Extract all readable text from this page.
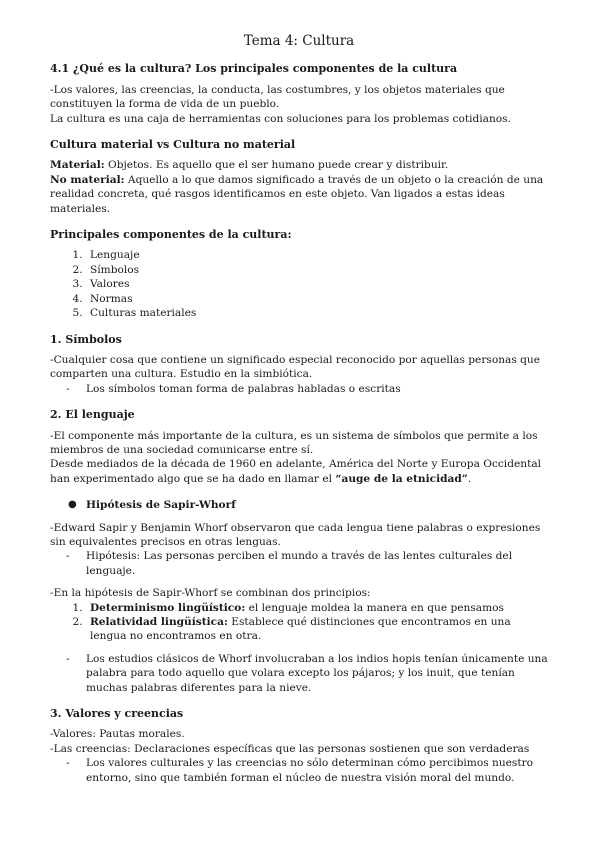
Tema 4: Cultura
4.1 ¿Qué es la cultura? Los principales componentes de la cultura

-Los valores, las creencias, la conducta, las costumbres, y los objetos materiales que constituyen la forma de vida de un pueblo.

La cultura es una caja de herramientas con soluciones para los problemas cotidianos.

Cultura material vs Cultura no material

Material: Objetos. Es aquello que el ser humano puede crear y distribuir.

No material: Aquello a lo que damos significado a través de un objeto o la creación de una realidad concreta, qué rasgos identificamos en este objeto. Van ligados a estas ideas materiales.

Principales componentes de la cultura:
1. Lenguaje
2. Símbolos
3. Valores
4. Normas
5. Culturas materiales
1. Símbolos

-Cualquier cosa que contiene un significado especial reconocido por aquellas personas que comparten una cultura. Estudio en la simbiótica.

- Los símbolos toman forma de palabras habladas o escritas
2. El lenguaje

-El componente más importante de la cultura, es un sistema de símbolos que permite a los miembros de una sociedad comunicarse entre sí.

Desde mediados de la década de 1960 en adelante, América del Norte y Europa Occidental han experimentado algo que se ha dado en llamar el “auge de la etnicidad”.

● Hipótesis de Sapir-Whorf

-Edward Sapir y Benjamin Whorf observaron que cada lengua tiene palabras o expresiones sin equivalentes precisos en otras lenguas.

- Hipótesis: Las personas perciben el mundo a través de las lentes culturales del lenguaje.

-En la hipótesis de Sapir-Whorf se combinan dos principios:

1. Determinismo lingüístico: el lenguaje moldea la manera en que pensamos
2. Relatividad lingüística: Establece qué distinciones que encontramos en una lengua no encontramos en otra.
- Los estudios clásicos de Whorf involucraban a los indios hopis tenían únicamente una palabra para todo aquello que volara excepto los pájaros; y los inuit, que tenían muchas palabras diferentes para la nieve.
3. Valores y creencias

-Valores: Pautas morales.

-Las creencias: Declaraciones específicas que las personas sostienen que son verdaderas

- Los valores culturales y las creencias no sólo determinan cómo percibimos nuestro entorno, sino que también forman el núcleo de nuestra visión moral del mundo.
